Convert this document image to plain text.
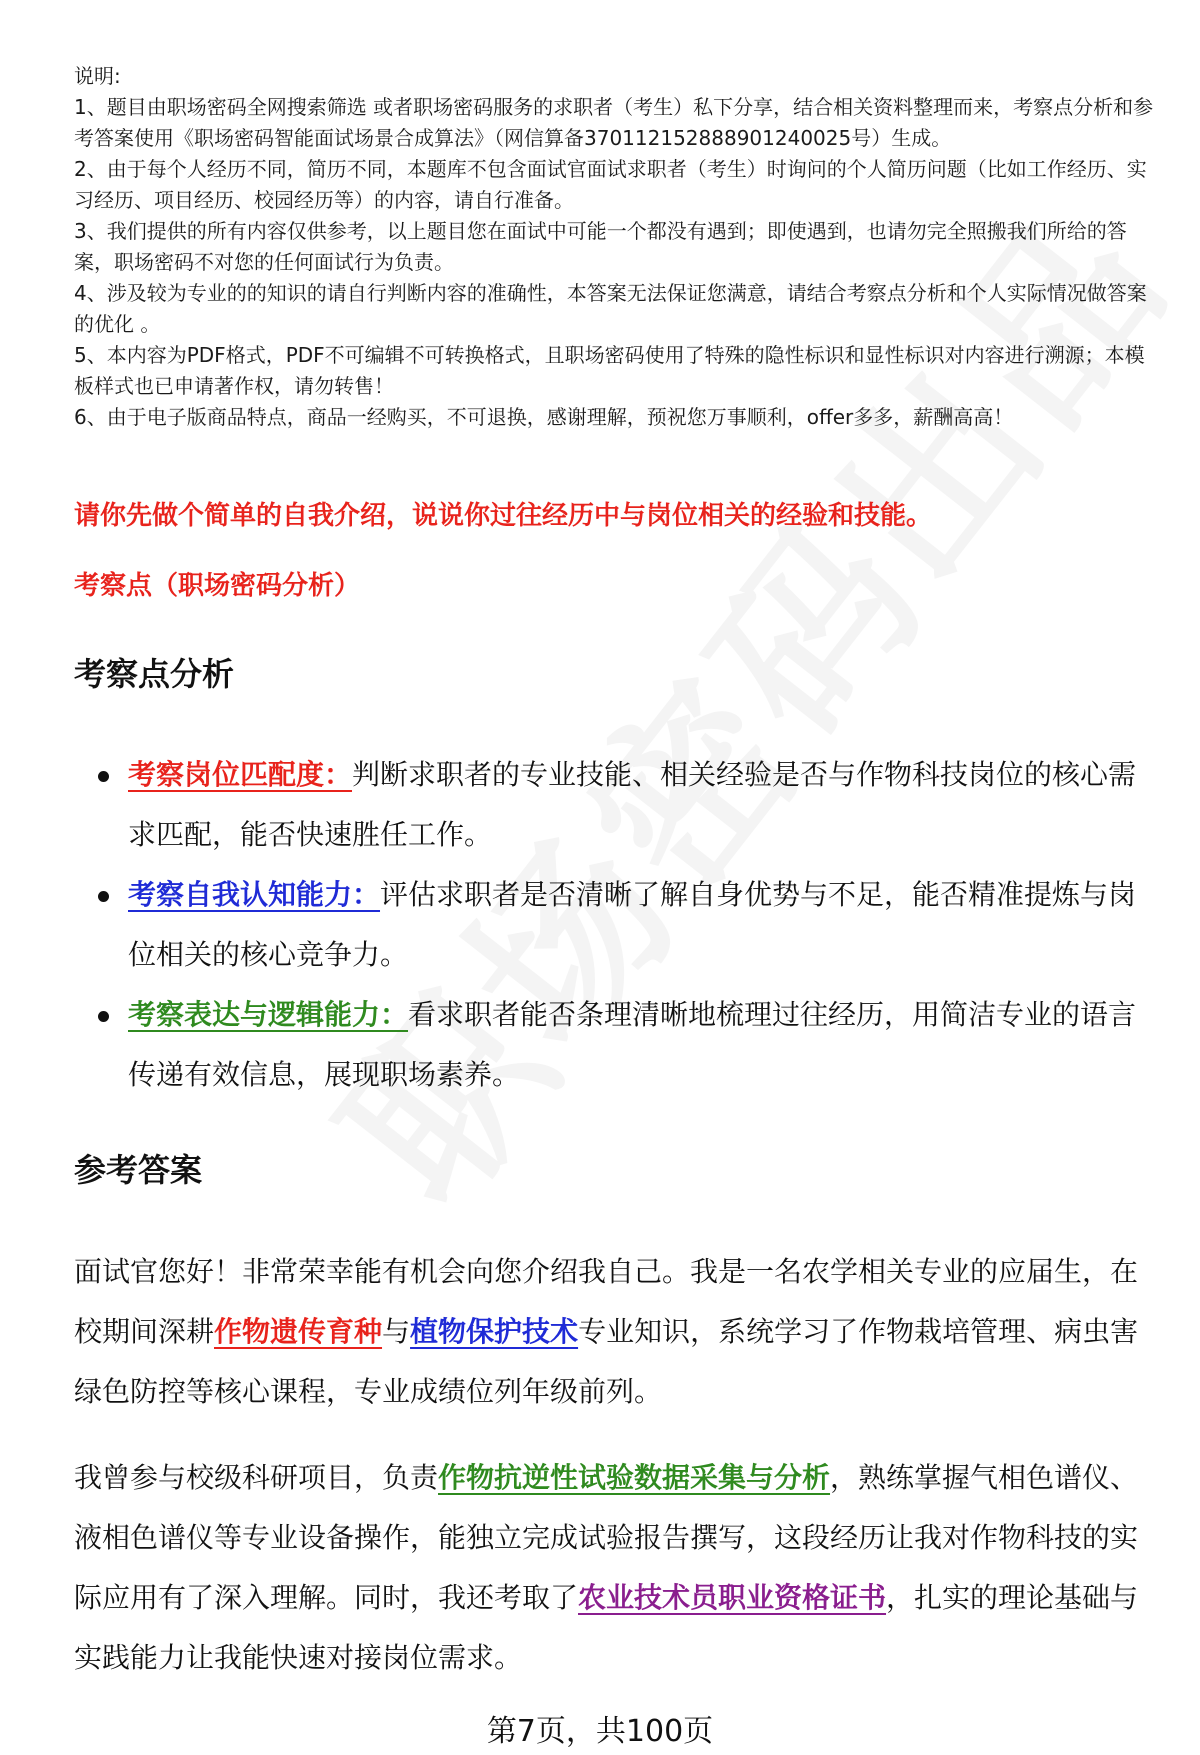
说明:

1、题目由职场密码全网搜索筛选 或者职场密码服务的求职者（考生）私下分享，结合相关资料整理而来，考察点分析和参考答案使用《职场密码智能面试场景合成算法》（网信算备370112152888901240025号）生成。

2、由于每个人经历不同，简历不同，本题库不包含面试官面试求职者（考生）时询问的个人简历问题（比如工作经历、实习经历、项目经历、校园经历等）的内容，请自行准备。

3、我们提供的所有内容仅供参考，以上题目您在面试中可能一个都没有遇到；即使遇到，也请勿完全照搬我们所给的答案，职场密码不对您的任何面试行为负责。

4、涉及较为专业的的知识的请自行判断内容的准确性，本答案无法保证您满意，请结合考察点分析和个人实际情况做答案的优化 。

5、本内容为PDF格式，PDF不可编辑不可转换格式，且职场密码使用了特殊的隐性标识和显性标识对内容进行溯源；本模板样式也已申请著作权，请勿转售！

6、由于电子版商品特点，商品一经购买，不可退换，感谢理解，预祝您万事顺利，offer多多，薪酬高高！

请你先做个简单的自我介绍，说说你过往经历中与岗位相关的经验和技能。
考察点（职场密码分析）
考察点分析
考察岗位匹配度：判断求职者的专业技能、相关经验是否与作物科技岗位的核心需求匹配，能否快速胜任工作。
考察自我认知能力：评估求职者是否清晰了解自身优势与不足，能否精准提炼与岗位相关的核心竞争力。
考察表达与逻辑能力：看求职者能否条理清晰地梳理过往经历，用简洁专业的语言传递有效信息，展现职场素养。
参考答案

面试官您好！非常荣幸能有机会向您介绍我自己。我是一名农学相关专业的应届生，在校期间深耕作物遗传育种与植物保护技术专业知识，系统学习了作物栽培管理、病虫害绿色防控等核心课程，专业成绩位列年级前列。

我曾参与校级科研项目，负责作物抗逆性试验数据采集与分析，熟练掌握气相色谱仪、液相色谱仪等专业设备操作，能独立完成试验报告撰写，这段经历让我对作物科技的实际应用有了深入理解。同时，我还考取了农业技术员职业资格证书，扎实的理论基础与实践能力让我能快速对接岗位需求。

第7页，共100页
